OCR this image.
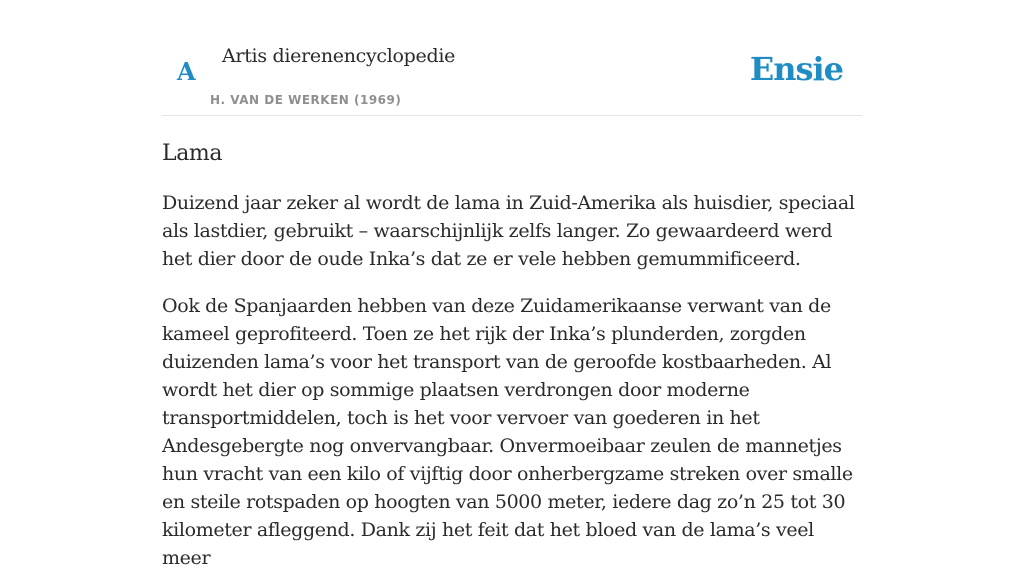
A
Artis dierenencyclopedie
H. VAN DE WERKEN (1969)
Ensie
Lama

Duizend jaar zeker al wordt de lama in Zuid-Amerika als huisdier, speciaal als lastdier, gebruikt – waarschijnlijk zelfs langer. Zo gewaardeerd werd het dier door de oude Inka’s dat ze er vele hebben gemummificeerd.

Ook de Spanjaarden hebben van deze Zuidamerikaanse verwant van de kameel geprofiteerd. Toen ze het rijk der Inka’s plunderden, zorgden duizenden lama’s voor het transport van de geroofde kostbaarheden. Al wordt het dier op sommige plaatsen verdrongen door moderne transportmiddelen, toch is het voor vervoer van goederen in het Andesgebergte nog onvervangbaar. Onvermoeibaar zeulen de mannetjes hun vracht van een kilo of vijftig door onherbergzame streken over smalle en steile rotspaden op hoogten van 5000 meter, iedere dag zo’n 25 tot 30 kilometer afleggend. Dank zij het feit dat het bloed van de lama’s veel meer
